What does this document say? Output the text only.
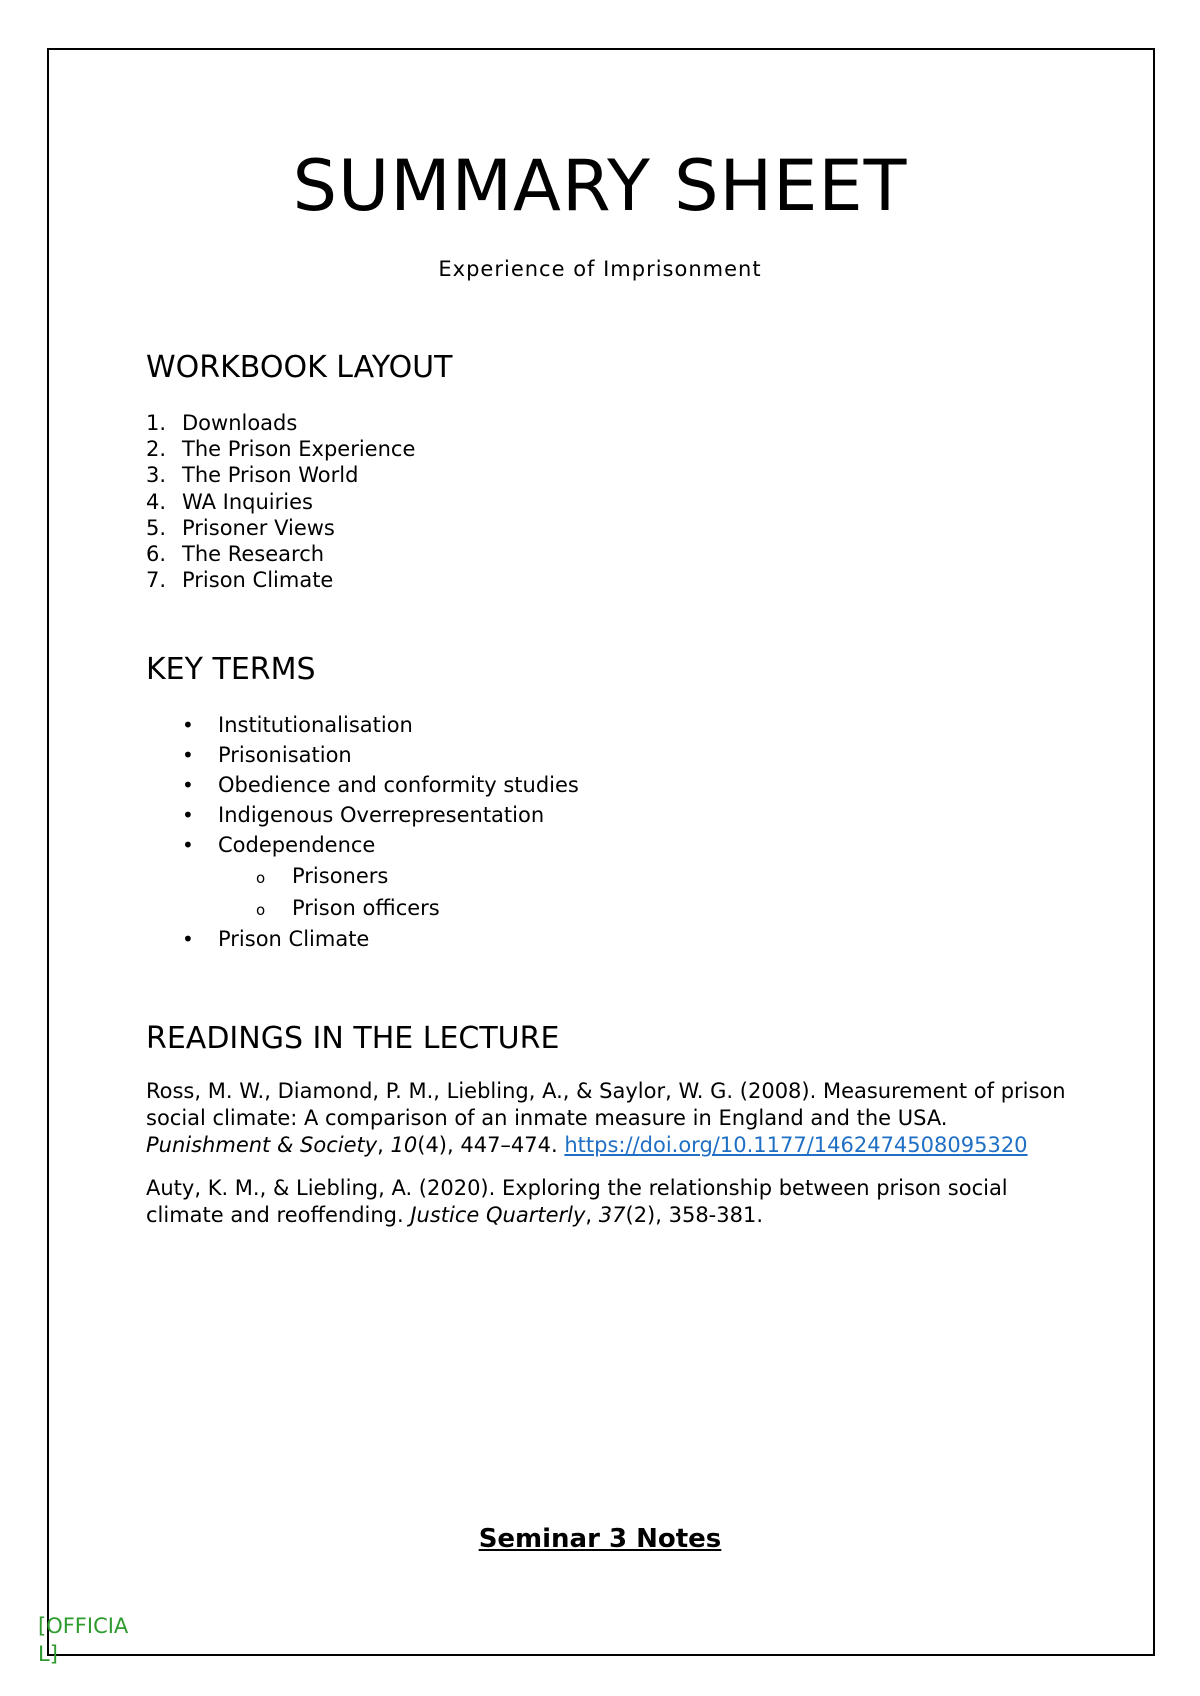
SUMMARY SHEET

Experience of Imprisonment

WORKBOOK LAYOUT
1. Downloads
2. The Prison Experience
3. The Prison World
4. WA Inquiries
5. Prisoner Views
6. The Research
7. Prison Climate
KEY TERMS
• Institutionalisation
• Prisonisation
• Obedience and conformity studies
• Indigenous Overrepresentation
• Codependence
o Prisoners
o Prison officers
• Prison Climate
READINGS IN THE LECTURE

Ross, M. W., Diamond, P. M., Liebling, A., & Saylor, W. G. (2008). Measurement of prison social climate: A comparison of an inmate measure in England and the USA. Punishment & Society, 10(4), 447–474. https://doi.org/10.1177/1462474508095320

Auty, K. M., & Liebling, A. (2020). Exploring the relationship between prison social climate and reoffending. Justice Quarterly, 37(2), 358-381.

Seminar 3 Notes

[OFFICIAL]
